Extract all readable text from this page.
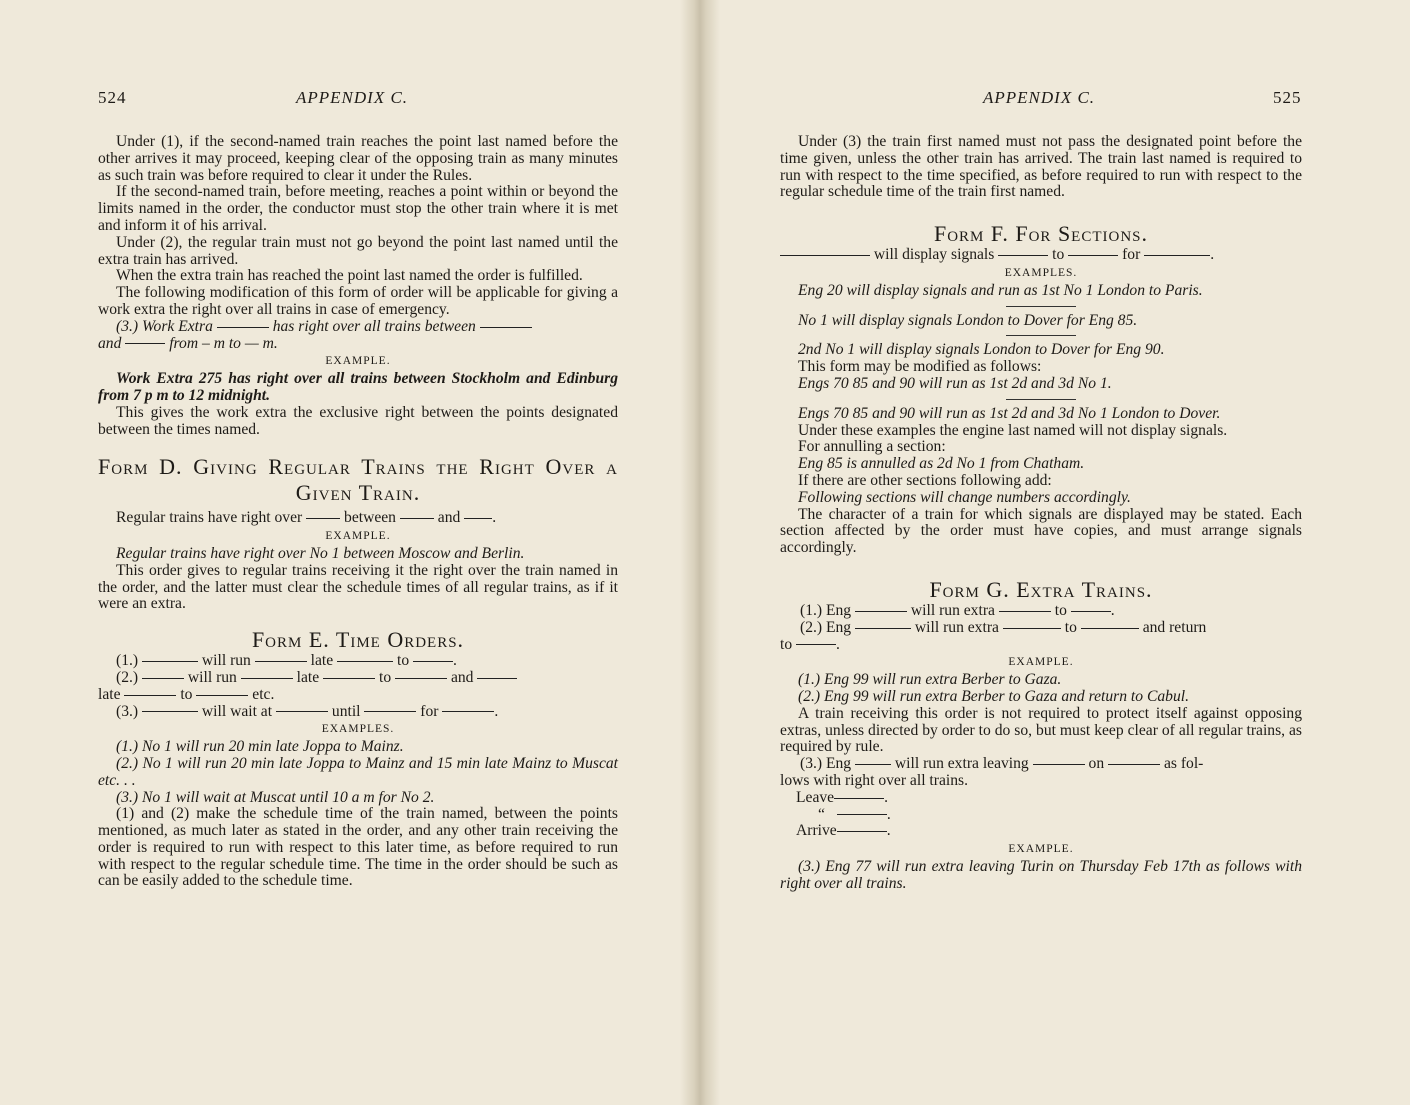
524	APPENDIX C.

Under (1), if the second-named train reaches the point last named before the other arrives it may proceed, keeping clear of the opposing train as many minutes as such train was before required to clear it under the Rules.

If the second-named train, before meeting, reaches a point within or beyond the limits named in the order, the conductor must stop the other train where it is met and inform it of his arrival.

Under (2), the regular train must not go beyond the point last named until the extra train has arrived.

When the extra train has reached the point last named the order is fulfilled.

The following modification of this form of order will be applicable for giving a work extra the right over all trains in case of emergency.

(3.) Work Extra	has right over all trains between

and	from – m to — m.

EXAMPLE.

Work Extra 275 has right over all trains between Stockholm and Edinburg from 7 p m to 12 midnight.

This gives the work extra the exclusive right between the points designated between the times named.

Form D. Giving Regular Trains the Right Over a Given Train.

Regular trains have right over	between	and .

EXAMPLE.

Regular trains have right over No 1 between Moscow and Berlin.

This order gives to regular trains receiving it the right over the train named in the order, and the latter must clear the schedule times of all regular trains, as if it were an extra.

Form E. Time Orders.

(1.)	will run	late	to	.

(2.)	will run	late	to	and

late	to	etc.

(3.)	will wait at	until	for	.

EXAMPLES.

(1.) No 1 will run 20 min late Joppa to Mainz.

(2.) No 1 will run 20 min late Joppa to Mainz and 15 min late Mainz to Muscat etc. . .

(3.) No 1 will wait at Muscat until 10 a m for No 2.

(1) and (2) make the schedule time of the train named, between the points mentioned, as much later as stated in the order, and any other train receiving the order is required to run with respect to this later time, as before required to run with respect to the regular schedule time. The time in the order should be such as can be easily added to the schedule time.

APPENDIX C.	525

Under (3) the train first named must not pass the designated point before the time given, unless the other train has arrived. The train last named is required to run with respect to the time specified, as before required to run with respect to the regular schedule time of the train first named.

Form F. For Sections.

will display signals	to	for	.

EXAMPLES.

Eng 20 will display signals and run as 1st No 1 London to Paris.

No 1 will display signals London to Dover for Eng 85.

2nd No 1 will display signals London to Dover for Eng 90.

This form may be modified as follows:

Engs 70 85 and 90 will run as 1st 2d and 3d No 1.

Engs 70 85 and 90 will run as 1st 2d and 3d No 1 London to Dover.

Under these examples the engine last named will not display signals.

For annulling a section:

Eng 85 is annulled as 2d No 1 from Chatham.

If there are other sections following add:

Following sections will change numbers accordingly.

The character of a train for which signals are displayed may be stated. Each section affected by the order must have copies, and must arrange signals accordingly.

Form G. Extra Trains.

(1.) Eng	will run extra	to	.

(2.) Eng	will run extra	to	and return

to	.

EXAMPLE.

(1.) Eng 99 will run extra Berber to Gaza.

(2.) Eng 99 will run extra Berber to Gaza and return to Cabul.

A train receiving this order is not required to protect itself against opposing extras, unless directed by order to do so, but must keep clear of all regular trains, as required by rule.

(3.) Eng	will run extra leaving	on	as fol-

lows with right over all trains.

Leave	.

“	.

Arrive	.

EXAMPLE.

(3.) Eng 77 will run extra leaving Turin on Thursday Feb 17th as follows with right over all trains.
